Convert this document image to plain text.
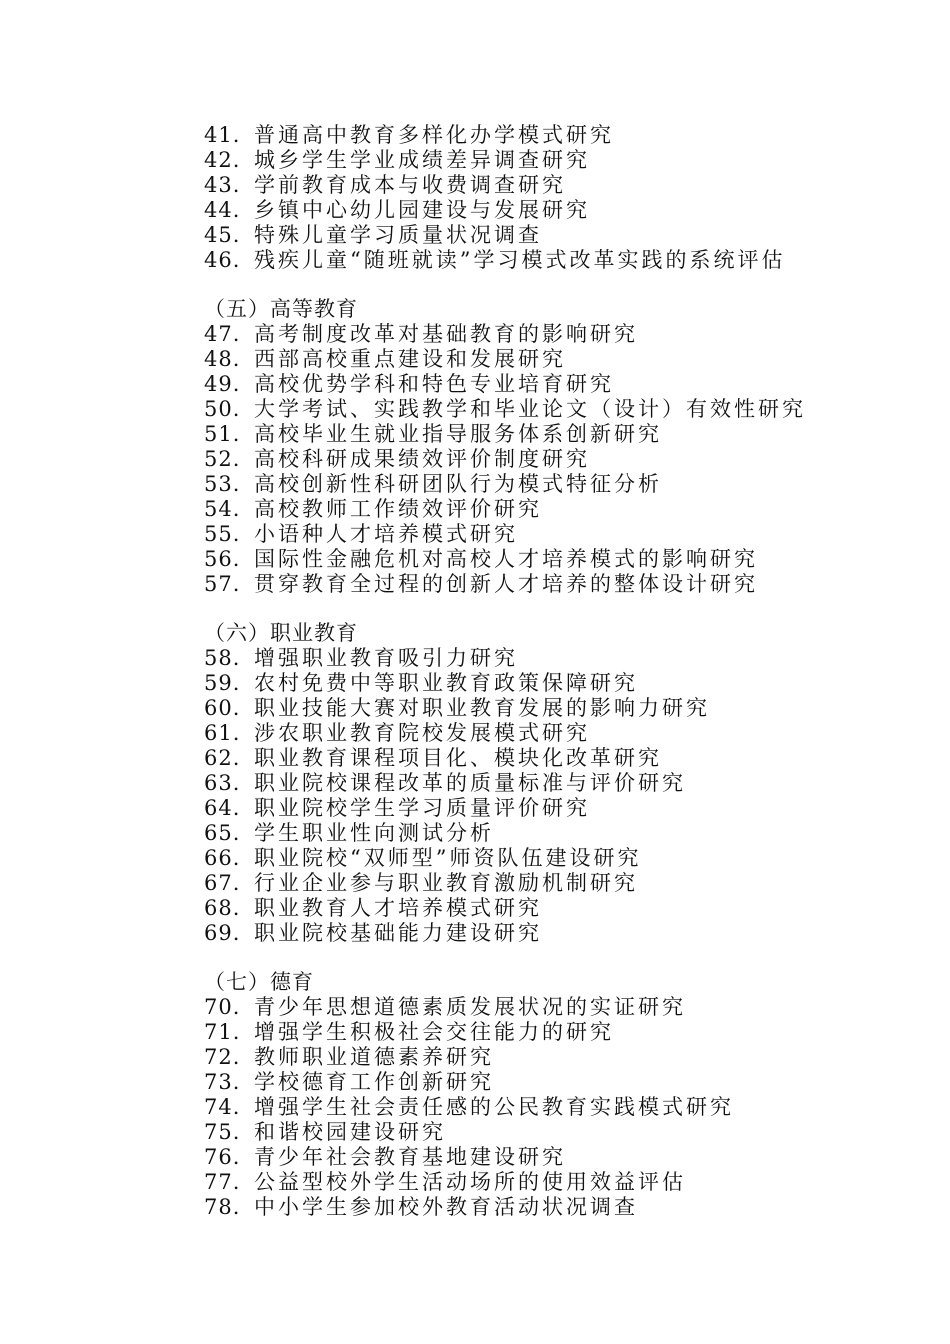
41. 普通高中教育多样化办学模式研究
42. 城乡学生学业成绩差异调查研究
43. 学前教育成本与收费调查研究
44. 乡镇中心幼儿园建设与发展研究
45. 特殊儿童学习质量状况调查
46. 残疾儿童“随班就读”学习模式改革实践的系统评估
（五）高等教育
47. 高考制度改革对基础教育的影响研究
48. 西部高校重点建设和发展研究
49. 高校优势学科和特色专业培育研究
50. 大学考试、实践教学和毕业论文（设计）有效性研究
51. 高校毕业生就业指导服务体系创新研究
52. 高校科研成果绩效评价制度研究
53. 高校创新性科研团队行为模式特征分析
54. 高校教师工作绩效评价研究
55. 小语种人才培养模式研究
56. 国际性金融危机对高校人才培养模式的影响研究
57. 贯穿教育全过程的创新人才培养的整体设计研究
（六）职业教育
58. 增强职业教育吸引力研究
59. 农村免费中等职业教育政策保障研究
60. 职业技能大赛对职业教育发展的影响力研究
61. 涉农职业教育院校发展模式研究
62. 职业教育课程项目化、模块化改革研究
63. 职业院校课程改革的质量标准与评价研究
64. 职业院校学生学习质量评价研究
65. 学生职业性向测试分析
66. 职业院校“双师型”师资队伍建设研究
67. 行业企业参与职业教育激励机制研究
68. 职业教育人才培养模式研究
69. 职业院校基础能力建设研究
（七）德育
70. 青少年思想道德素质发展状况的实证研究
71. 增强学生积极社会交往能力的研究
72. 教师职业道德素养研究
73. 学校德育工作创新研究
74. 增强学生社会责任感的公民教育实践模式研究
75. 和谐校园建设研究
76. 青少年社会教育基地建设研究
77. 公益型校外学生活动场所的使用效益评估
78. 中小学生参加校外教育活动状况调查
